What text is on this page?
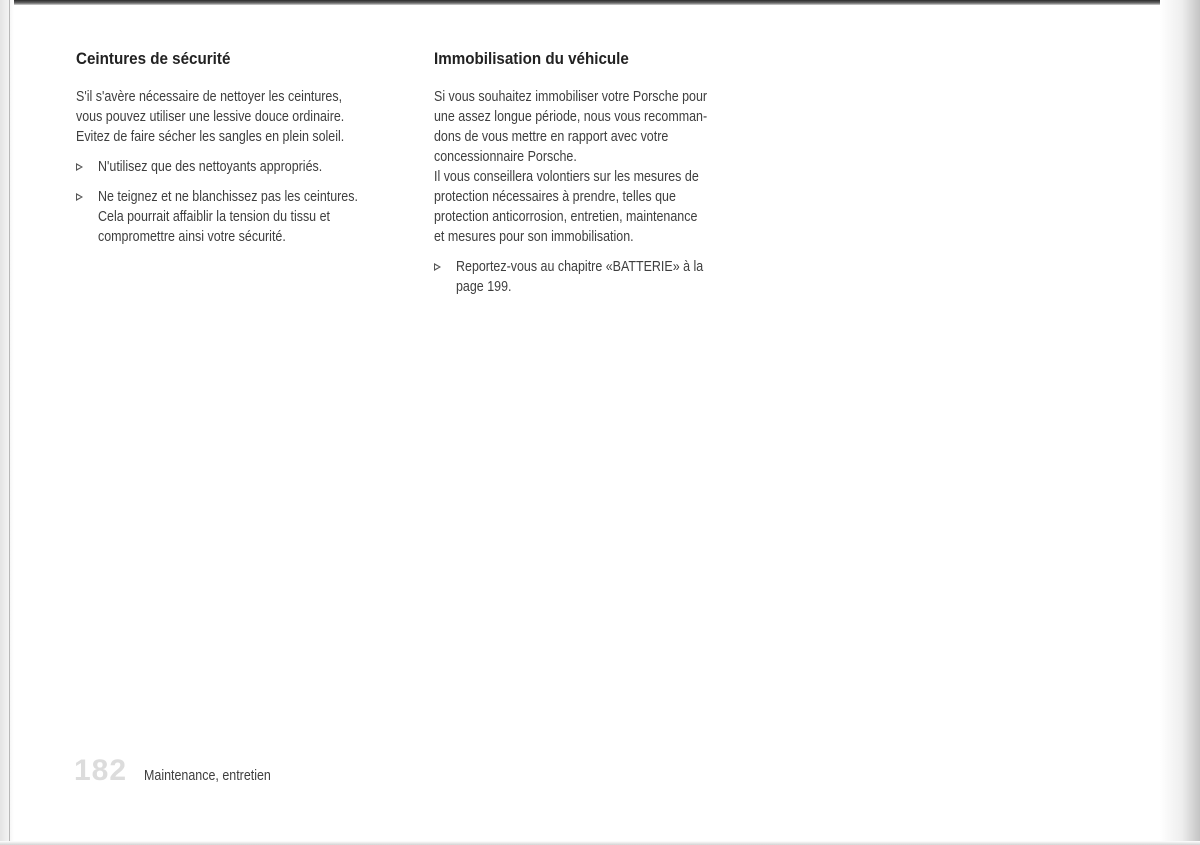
Ceintures de sécurité

S'il s'avère nécessaire de nettoyer les ceintures,

vous pouvez utiliser une lessive douce ordinaire.

Evitez de faire sécher les sangles en plein soleil.

N'utilisez que des nettoyants appropriés.

Ne teignez et ne blanchissez pas les ceintures.

Cela pourrait affaiblir la tension du tissu et

compromettre ainsi votre sécurité.

Immobilisation du véhicule

Si vous souhaitez immobiliser votre Porsche pour

une assez longue période, nous vous recomman-

dons de vous mettre en rapport avec votre

concessionnaire Porsche.

Il vous conseillera volontiers sur les mesures de

protection nécessaires à prendre, telles que

protection anticorrosion, entretien, maintenance

et mesures pour son immobilisation.

Reportez-vous au chapitre «BATTERIE» à la

page 199.

182 Maintenance, entretien
